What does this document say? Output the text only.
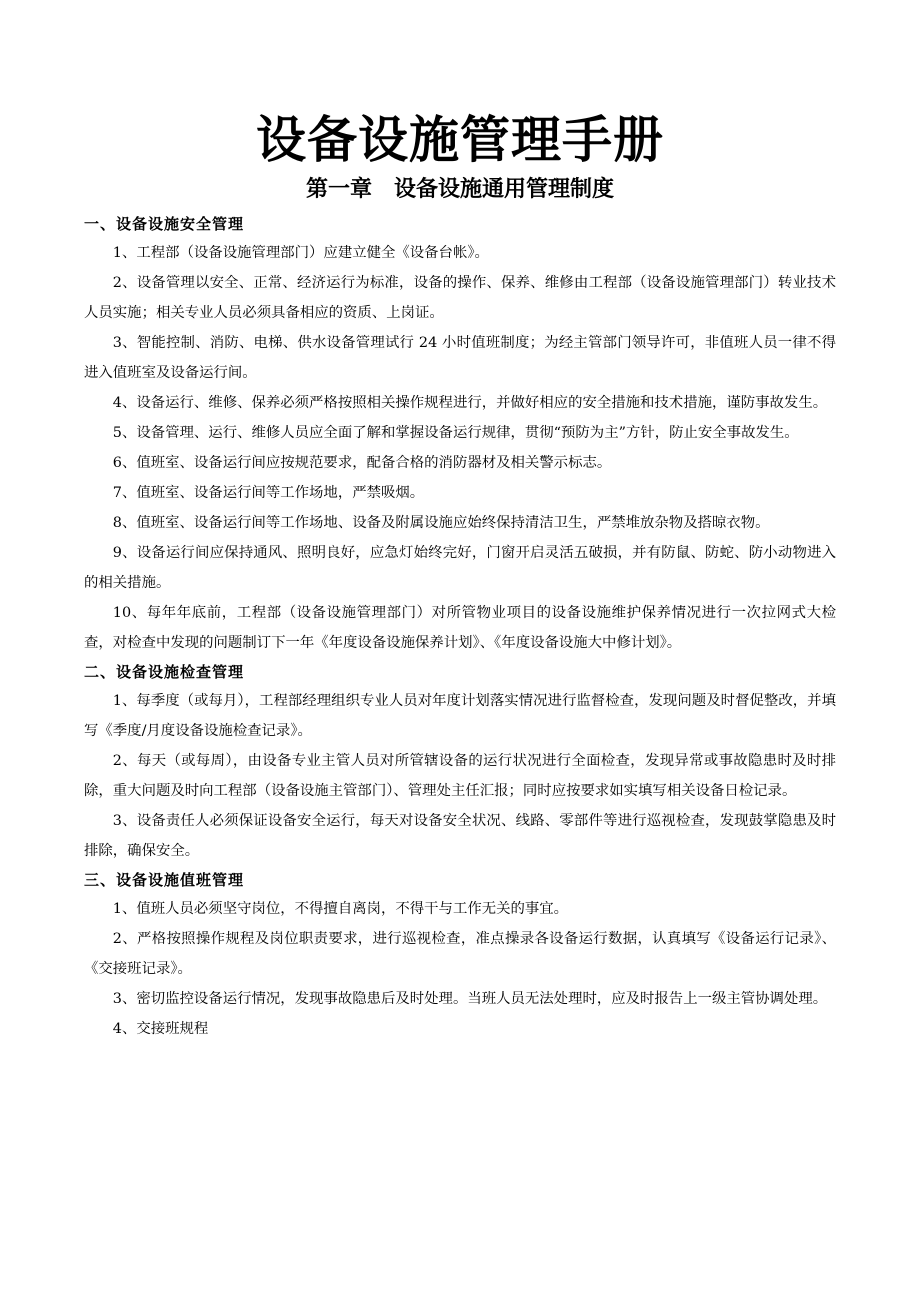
设备设施管理手册
第一章　设备设施通用管理制度
一、设备设施安全管理

1、工程部（设备设施管理部门）应建立健全《设备台帐》。

2、设备管理以安全、正常、经济运行为标准，设备的操作、保养、维修由工程部（设备设施管理部门）转业技术人员实施；相关专业人员必须具备相应的资质、上岗证。

3、智能控制、消防、电梯、供水设备管理试行 24 小时值班制度；为经主管部门领导许可，非值班人员一律不得进入值班室及设备运行间。

4、设备运行、维修、保养必须严格按照相关操作规程进行，并做好相应的安全措施和技术措施，谨防事故发生。

5、设备管理、运行、维修人员应全面了解和掌握设备运行规律，贯彻“预防为主”方针，防止安全事故发生。

6、值班室、设备运行间应按规范要求，配备合格的消防器材及相关警示标志。

7、值班室、设备运行间等工作场地，严禁吸烟。

8、值班室、设备运行间等工作场地、设备及附属设施应始终保持清洁卫生，严禁堆放杂物及搭晾衣物。

9、设备运行间应保持通风、照明良好，应急灯始终完好，门窗开启灵活五破损，并有防鼠、防蛇、防小动物进入的相关措施。

10、每年年底前，工程部（设备设施管理部门）对所管物业项目的设备设施维护保养情况进行一次拉网式大检查，对检查中发现的问题制订下一年《年度设备设施保养计划》、《年度设备设施大中修计划》。

二、设备设施检查管理

1、每季度（或每月），工程部经理组织专业人员对年度计划落实情况进行监督检查，发现问题及时督促整改，并填写《季度/月度设备设施检查记录》。

2、每天（或每周），由设备专业主管人员对所管辖设备的运行状况进行全面检查，发现异常或事故隐患时及时排除，重大问题及时向工程部（设备设施主管部门）、管理处主任汇报；同时应按要求如实填写相关设备日检记录。

3、设备责任人必须保证设备安全运行，每天对设备安全状况、线路、零部件等进行巡视检查，发现鼓掌隐患及时排除，确保安全。

三、设备设施值班管理

1、值班人员必须坚守岗位，不得擅自离岗，不得干与工作无关的事宜。

2、严格按照操作规程及岗位职责要求，进行巡视检查，准点操录各设备运行数据，认真填写《设备运行记录》、《交接班记录》。

3、密切监控设备运行情况，发现事故隐患后及时处理。当班人员无法处理时，应及时报告上一级主管协调处理。

4、交接班规程
